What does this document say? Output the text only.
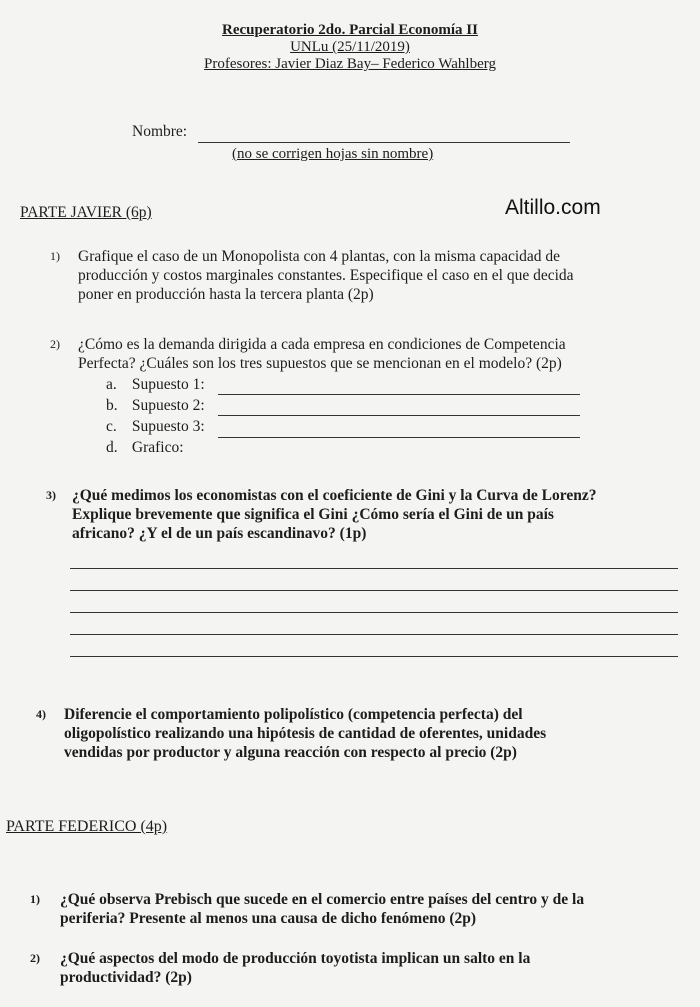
Recuperatorio 2do. Parcial Economía II
UNLu (25/11/2019)
Profesores: Javier Diaz Bay– Federico Wahlberg
Nombre:
(no se corrigen hojas sin nombre)
Altillo.com
PARTE JAVIER (6p)
1) Grafique el caso de un Monopolista con 4 plantas, con la misma capacidad de
producción y costos marginales constantes. Especifique el caso en el que decida
poner en producción hasta la tercera planta (2p)
2) ¿Cómo es la demanda dirigida a cada empresa en condiciones de Competencia
Perfecta? ¿Cuáles son los tres supuestos que se mencionan en el modelo? (2p)
a. Supuesto 1:
b. Supuesto 2:
c. Supuesto 3:
d. Grafico:
3) ¿Qué medimos los economistas con el coeficiente de Gini y la Curva de Lorenz?
Explique brevemente que significa el Gini ¿Cómo sería el Gini de un país
africano? ¿Y el de un país escandinavo? (1p)
4) Diferencie el comportamiento polipolístico (competencia perfecta) del
oligopolístico realizando una hipótesis de cantidad de oferentes, unidades
vendidas por productor y alguna reacción con respecto al precio (2p)
PARTE FEDERICO (4p)
1) ¿Qué observa Prebisch que sucede en el comercio entre países del centro y de la
periferia? Presente al menos una causa de dicho fenómeno (2p)
2) ¿Qué aspectos del modo de producción toyotista implican un salto en la
productividad? (2p)
